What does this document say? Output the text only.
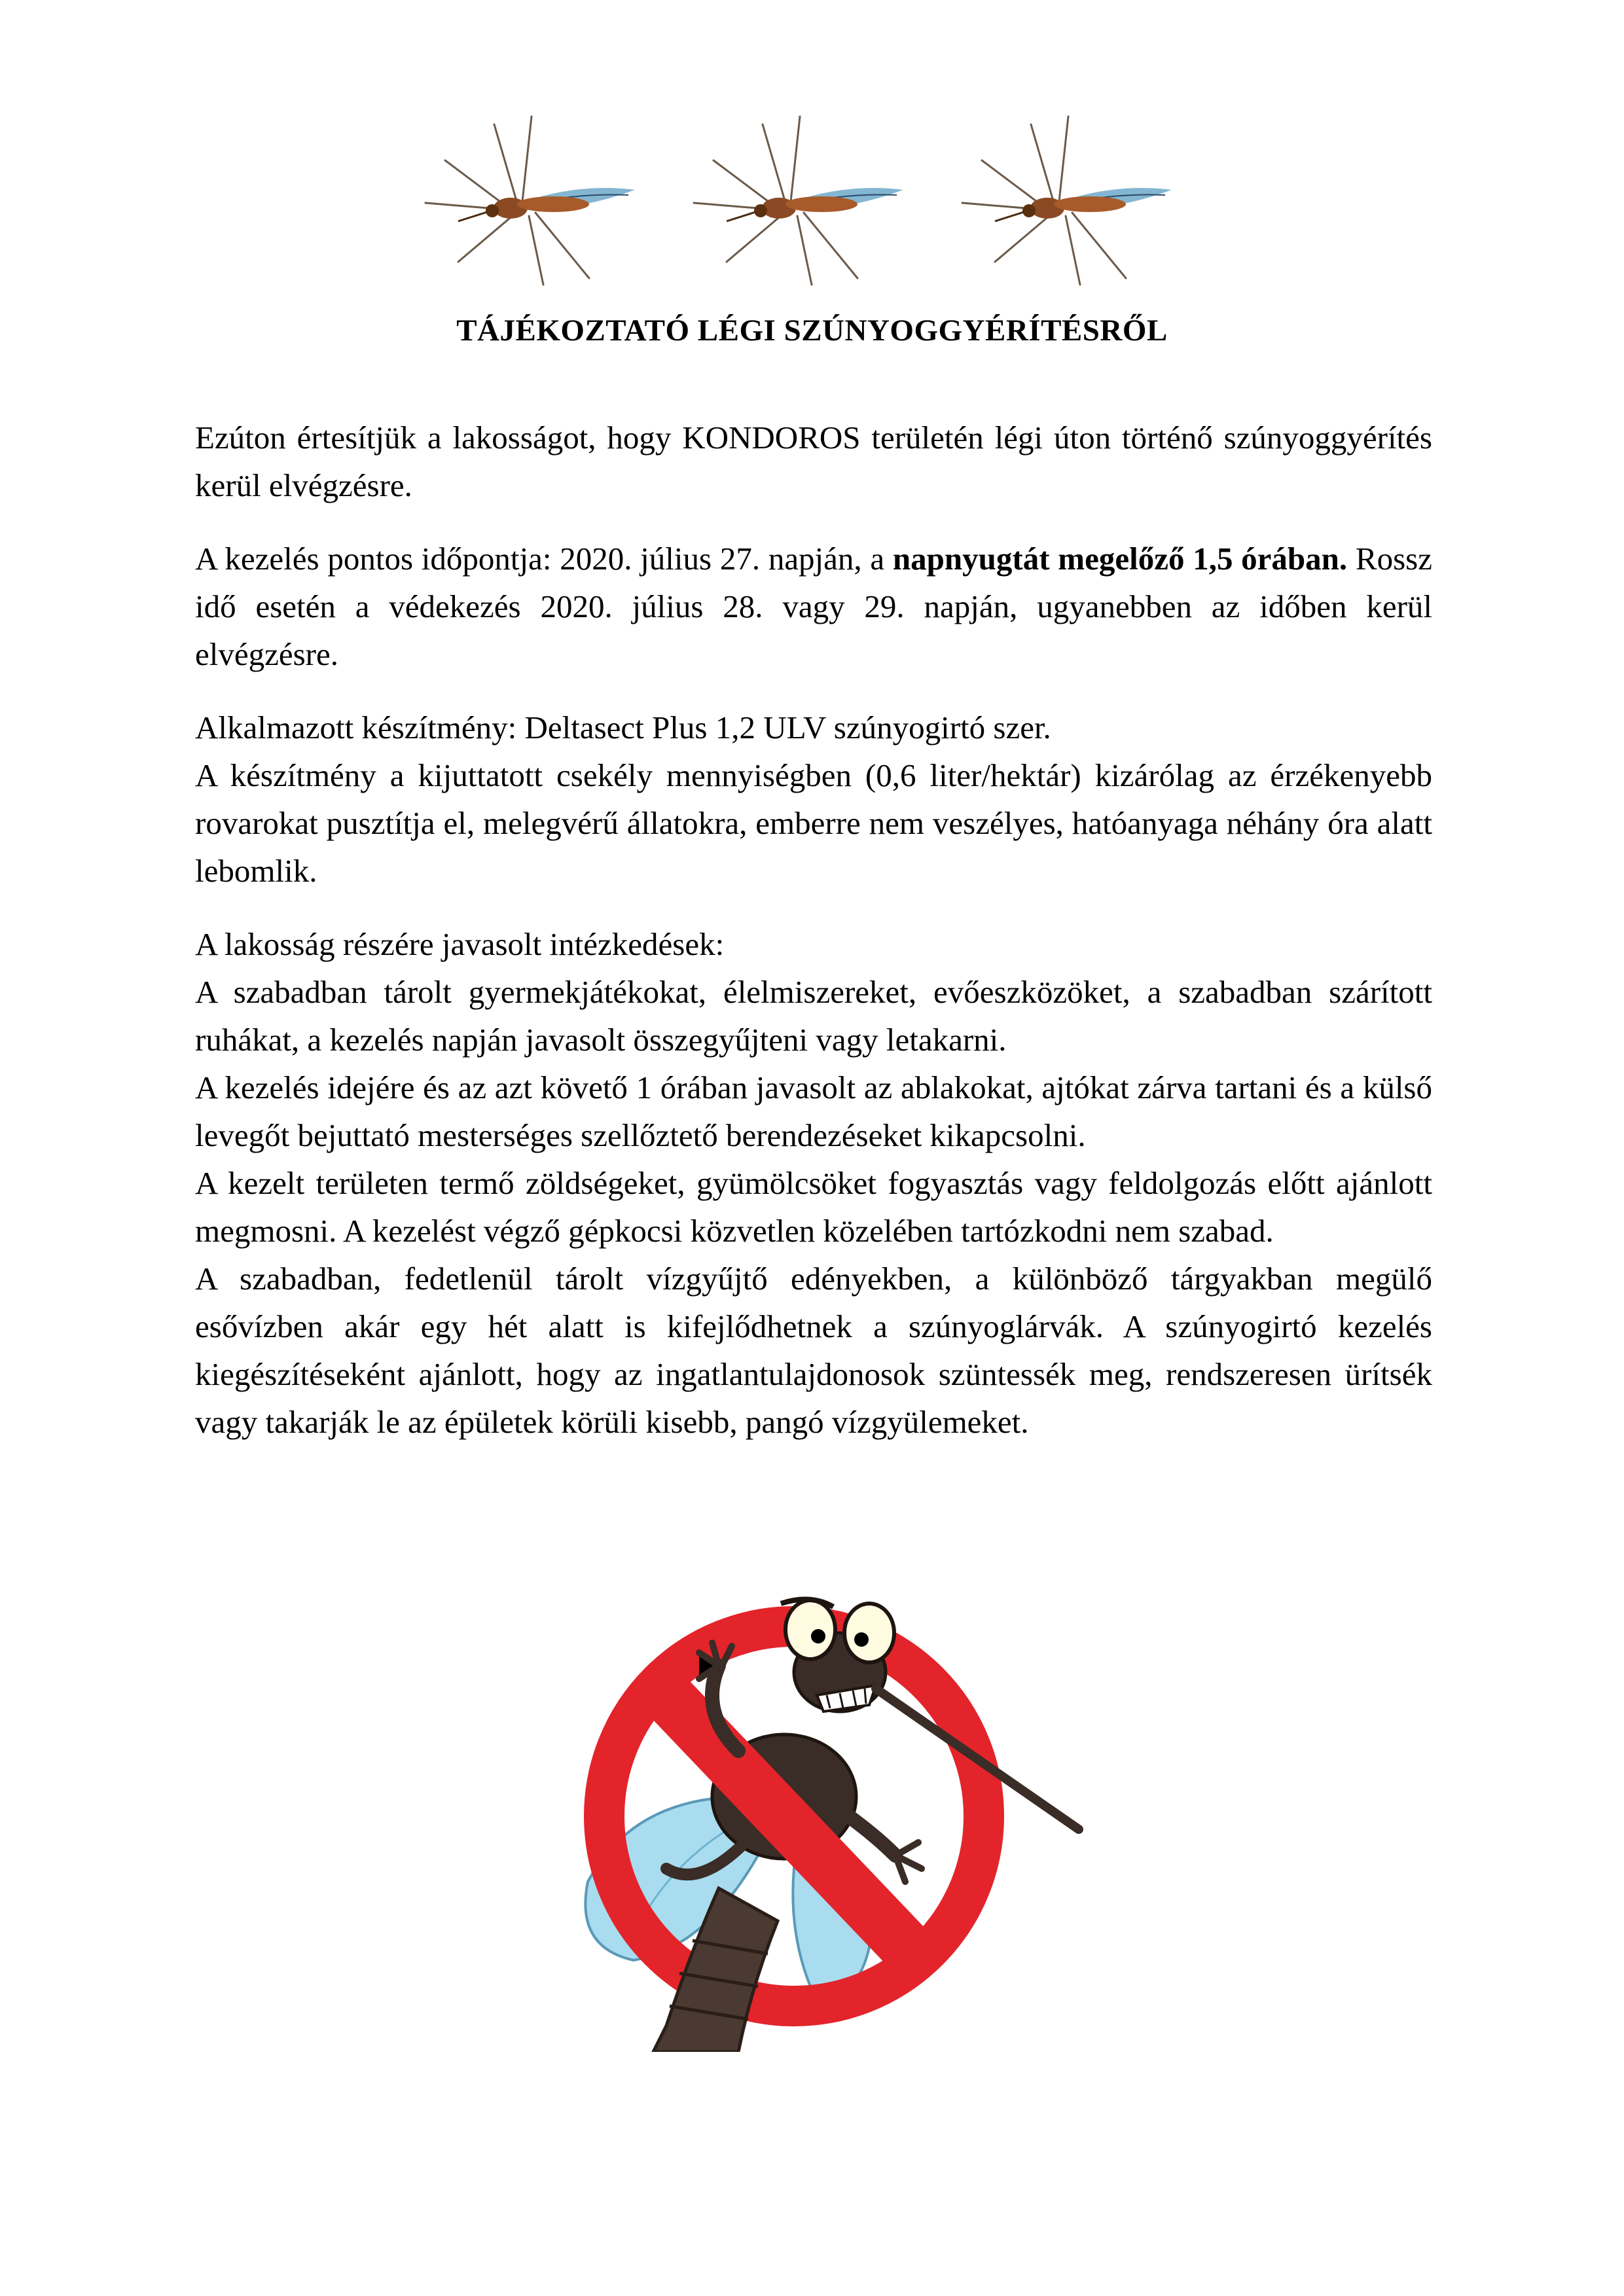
TÁJÉKOZTATÓ LÉGI SZÚNYOGGYÉRÍTÉSRŐL

Ezúton értesítjük a lakosságot, hogy KONDOROS területén légi úton történő szúnyoggyérítés kerül elvégzésre.

A kezelés pontos időpontja: 2020. július 27. napján, a napnyugtát megelőző 1,5 órában. Rossz idő esetén a védekezés 2020. július 28. vagy 29. napján, ugyanebben az időben kerül elvégzésre.

Alkalmazott készítmény: Deltasect Plus 1,2 ULV szúnyogirtó szer.

A készítmény a kijuttatott csekély mennyiségben (0,6 liter/hektár) kizárólag az érzékenyebb rovarokat pusztítja el, melegvérű állatokra, emberre nem veszélyes, hatóanyaga néhány óra alatt lebomlik.

A lakosság részére javasolt intézkedések:

A szabadban tárolt gyermekjátékokat, élelmiszereket, evőeszközöket, a szabadban szárított ruhákat, a kezelés napján javasolt összegyűjteni vagy letakarni.

A kezelés idejére és az azt követő 1 órában javasolt az ablakokat, ajtókat zárva tartani és a külső levegőt bejuttató mesterséges szellőztető berendezéseket kikapcsolni.

A kezelt területen termő zöldségeket, gyümölcsöket fogyasztás vagy feldolgozás előtt ajánlott megmosni. A kezelést végző gépkocsi közvetlen közelében tartózkodni nem szabad.

A szabadban, fedetlenül tárolt vízgyűjtő edényekben, a különböző tárgyakban megülő esővízben akár egy hét alatt is kifejlődhetnek a szúnyoglárvák. A szúnyogirtó kezelés kiegészítéseként ajánlott, hogy az ingatlantulajdonosok szüntessék meg, rendszeresen ürítsék vagy takarják le az épületek körüli kisebb, pangó vízgyülemeket.
